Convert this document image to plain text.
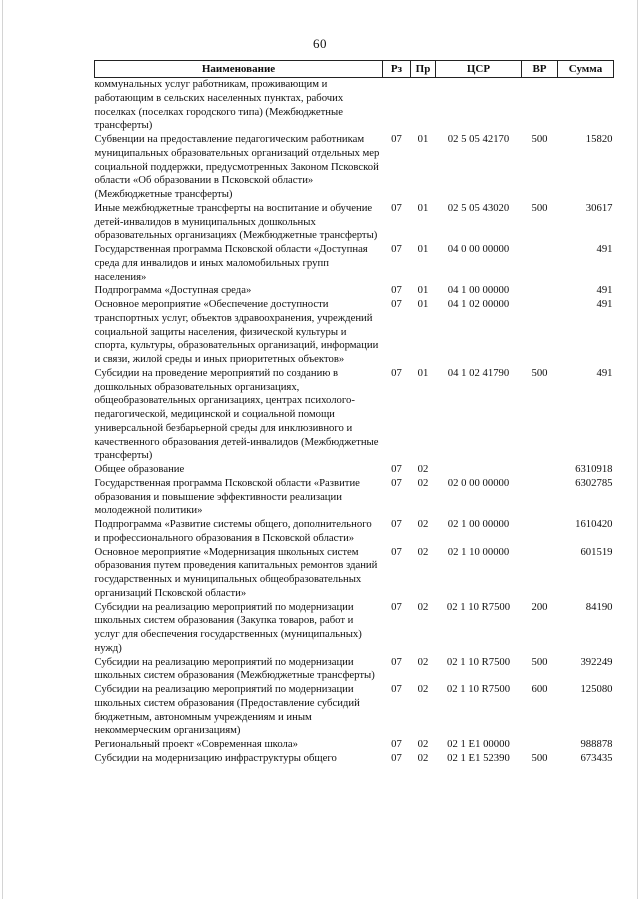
60
Наименование	Рз	Пр	ЦСР	ВР	Сумма
коммунальных услуг работникам, проживающим и работающим в сельских населенных пунктах, рабочих поселках (поселках городского типа) (Межбюджетные трансферты)					
Субвенции на предоставление педагогическим работникам муниципальных образовательных организаций отдельных мер социальной поддержки, предусмотренных Законом Псковской области «Об образовании в Псковской области» (Межбюджетные трансферты)	07	01	02 5 05 42170	500	15820
Иные межбюджетные трансферты на воспитание и обучение детей-инвалидов в муниципальных дошкольных образовательных организациях (Межбюджетные трансферты)	07	01	02 5 05 43020	500	30617
Государственная программа Псковской области «Доступная среда для инвалидов и иных маломобильных групп населения»	07	01	04 0 00 00000		491
Подпрограмма «Доступная среда»	07	01	04 1 00 00000		491
Основное мероприятие «Обеспечение доступности транспортных услуг, объектов здравоохранения, учреждений социальной защиты населения, физической культуры и спорта, культуры, образовательных организаций, информации и связи, жилой среды и иных приоритетных объектов»	07	01	04 1 02 00000		491
Субсидии на проведение мероприятий по созданию в дошкольных образовательных организациях, общеобразовательных организациях, центрах психолого-педагогической, медицинской и социальной помощи универсальной безбарьерной среды для инклюзивного и качественного образования детей-инвалидов (Межбюджетные трансферты)	07	01	04 1 02 41790	500	491
Общее образование	07	02			6310918
Государственная программа Псковской области «Развитие образования и повышение эффективности реализации молодежной политики»	07	02	02 0 00 00000		6302785
Подпрограмма «Развитие системы общего, дополнительного и профессионального образования в Псковской области»	07	02	02 1 00 00000		1610420
Основное мероприятие «Модернизация школьных систем образования путем проведения капитальных ремонтов зданий государственных и муниципальных общеобразовательных организаций Псковской области»	07	02	02 1 10 00000		601519
Субсидии на реализацию мероприятий по модернизации школьных систем образования (Закупка товаров, работ и услуг для обеспечения государственных (муниципальных) нужд)	07	02	02 1 10 R7500	200	84190
Субсидии на реализацию мероприятий по модернизации школьных систем образования (Межбюджетные трансферты)	07	02	02 1 10 R7500	500	392249
Субсидии на реализацию мероприятий по модернизации школьных систем образования (Предоставление субсидий бюджетным, автономным учреждениям и иным некоммерческим организациям)	07	02	02 1 10 R7500	600	125080
Региональный проект «Современная школа»	07	02	02 1 E1 00000		988878
Субсидии на модернизацию инфраструктуры общего	07	02	02 1 E1 52390	500	673435
